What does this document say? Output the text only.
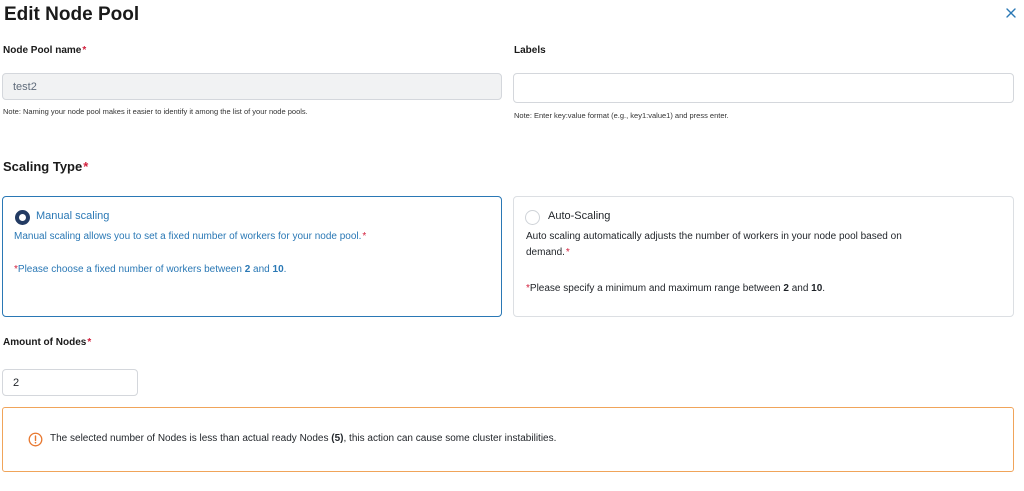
Edit Node Pool
Node Pool name*
test2
Note: Naming your node pool makes it easier to identify it among the list of your node pools.
Labels
Note: Enter key:value format (e.g., key1:value1) and press enter.
Scaling Type*
Manual scaling
Manual scaling allows you to set a fixed number of workers for your node pool.*
*Please choose a fixed number of workers between 2 and 10.
Auto-Scaling
Auto scaling automatically adjusts the number of workers in your node pool based on
demand.*
*Please specify a minimum and maximum range between 2 and 10.
Amount of Nodes*
2
The selected number of Nodes is less than actual ready Nodes (5), this action can cause some cluster instabilities.
